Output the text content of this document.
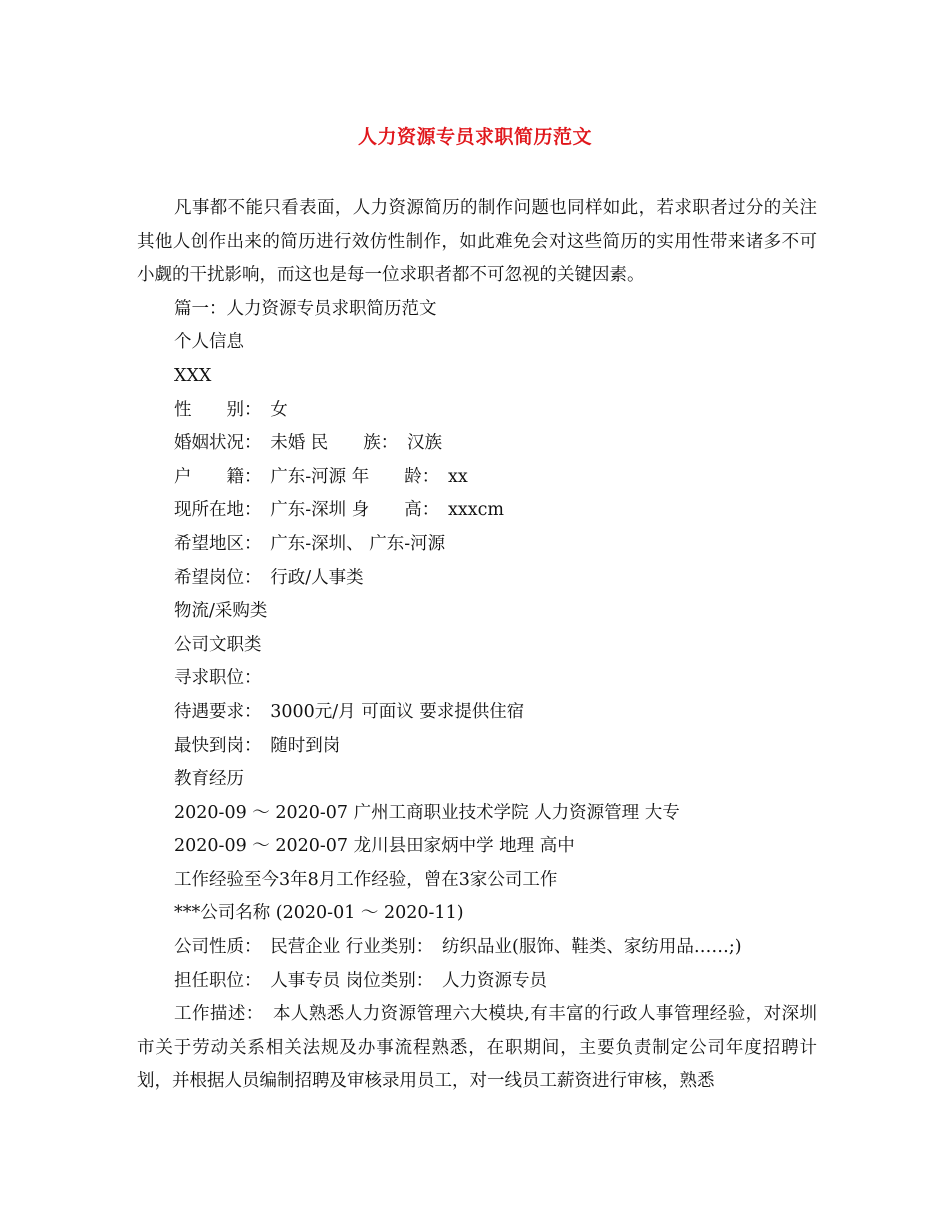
人力资源专员求职简历范文

凡事都不能只看表面，人力资源简历的制作问题也同样如此，若求职者过分的关注其他人创作出来的简历进行效仿性制作，如此难免会对这些简历的实用性带来诸多不可小觑的干扰影响，而这也是每一位求职者都不可忽视的关键因素。

篇一：人力资源专员求职简历范文

个人信息

XXX

性　　别：　女

婚姻状况：　未婚 民　　族：　汉族

户　　籍：　广东-河源 年　　龄：　xx

现所在地：　广东-深圳 身　　高：　xxxcm

希望地区：　广东-深圳、 广东-河源

希望岗位：　行政/人事类

物流/采购类

公司文职类

寻求职位：

待遇要求：　3000元/月 可面议 要求提供住宿

最快到岗：　随时到岗

教育经历

2020-09 ～ 2020-07 广州工商职业技术学院 人力资源管理 大专

2020-09 ～ 2020-07 龙川县田家炳中学 地理 高中

工作经验至今3年8月工作经验，曾在3家公司工作

***公司名称 (2020-01 ～ 2020-11)

公司性质：　民营企业 行业类别：　纺织品业(服饰、鞋类、家纺用品……;)

担任职位：　人事专员 岗位类别：　人力资源专员

工作描述：　本人熟悉人力资源管理六大模块,有丰富的行政人事管理经验，对深圳市关于劳动关系相关法规及办事流程熟悉，在职期间，主要负责制定公司年度招聘计划，并根据人员编制招聘及审核录用员工，对一线员工薪资进行审核，熟悉
